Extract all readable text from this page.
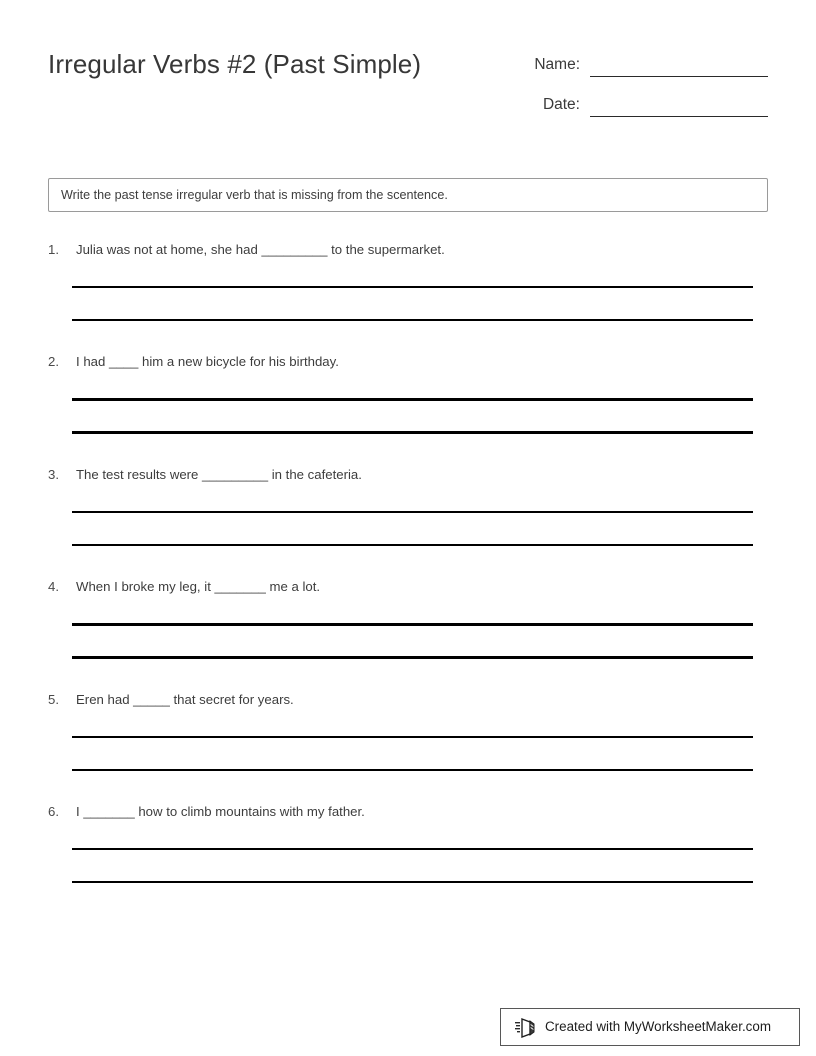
Irregular Verbs #2 (Past Simple)	Name:
Date:
Write the past tense irregular verb that is missing from the scentence.
1.	Julia was not at home, she had _________ to the supermarket.
2.	I had ____ him a new bicycle for his birthday.
3.	The test results were _________ in the cafeteria.
4.	When I broke my leg, it _______ me a lot.
5.	Eren had _____ that secret for years.
6.	I _______ how to climb mountains with my father.
Created with MyWorksheetMaker.com
